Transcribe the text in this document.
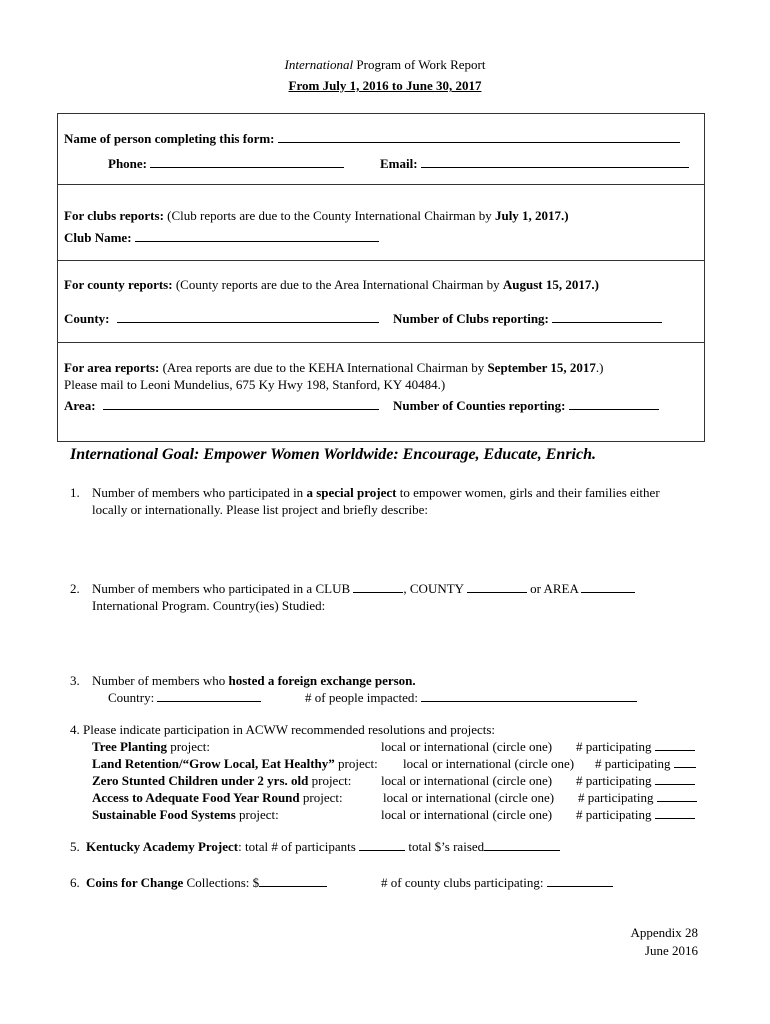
International Program of Work Report
From July 1, 2016 to June 30, 2017
Name of person completing this form:
Phone:	Email:
For clubs reports: (Club reports are due to the County International Chairman by July 1, 2017.)
Club Name:
For county reports: (County reports are due to the Area International Chairman by August 15, 2017.)
County:	Number of Clubs reporting:
For area reports: (Area reports are due to the KEHA International Chairman by September 15, 2017.)
Please mail to Leoni Mundelius, 675 Ky Hwy 198, Stanford, KY 40484.)
Area:	Number of Counties reporting:
International Goal: Empower Women Worldwide: Encourage, Educate, Enrich.
1. Number of members who participated in a special project to empower women, girls and their families either
locally or internationally. Please list project and briefly describe:
2. Number of members who participated in a CLUB	, COUNTY	or AREA
International Program. Country(ies) Studied:
3. Number of members who hosted a foreign exchange person.
Country:	# of people impacted:
4. Please indicate participation in ACWW recommended resolutions and projects:
Tree Planting project:	local or international (circle one) # participating
Land Retention/“Grow Local, Eat Healthy” project: local or international (circle one) # participating
Zero Stunted Children under 2 yrs. old project: local or international (circle one) # participating
Access to Adequate Food Year Round project:	local or international (circle one) # participating
Sustainable Food Systems project:	local or international (circle one) # participating
5. Kentucky Academy Project: total # of participants	total $’s raised
6. Coins for Change Collections: $	# of county clubs participating:
Appendix 28
June 2016
